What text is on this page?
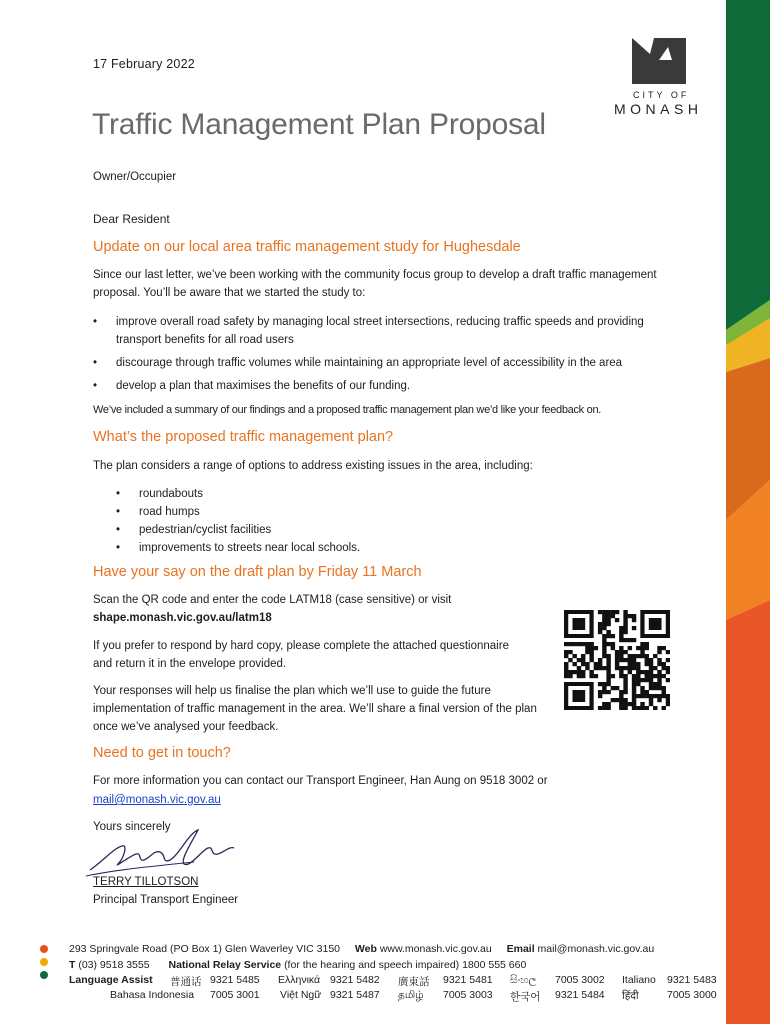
CITY OF
MONASH
17 February 2022
Traffic Management Plan Proposal
Owner/Occupier
Dear Resident
Update on our local area traffic management study for Hughesdale

Since our last letter, we’ve been working with the community focus group to develop a draft traffic management proposal. You’ll be aware that we started the study to:

• improve overall road safety by managing local street intersections, reducing traffic speeds and providing transport benefits for all road users
• discourage through traffic volumes while maintaining an appropriate level of accessibility in the area
• develop a plan that maximises the benefits of our funding.

We’ve included a summary of our findings and a proposed traffic management plan we’d like your feedback on.

What’s the proposed traffic management plan?

The plan considers a range of options to address existing issues in the area, including:

• roundabouts
• road humps
• pedestrian/cyclist facilities
• improvements to streets near local schools.
Have your say on the draft plan by Friday 11 March

Scan the QR code and enter the code LATM18 (case sensitive) or visit

shape.monash.vic.gov.au/latm18

If you prefer to respond by hard copy, please complete the attached questionnaire and return it in the envelope provided.

Your responses will help us finalise the plan which we’ll use to guide the future implementation of traffic management in the area. We’ll share a final version of the plan once we’ve analysed your feedback.

Need to get in touch?

For more information you can contact our Transport Engineer, Han Aung on 9518 3002 or

mail@monash.vic.gov.au
Yours sincerely
TERRY TILLOTSON
Principal Transport Engineer
293 Springvale Road (PO Box 1) Glen Waverley VIC 3150 Web www.monash.vic.gov.au Email mail@monash.vic.gov.au
T (03) 9518 3555 National Relay Service (for the hearing and speech impaired) 1800 555 660
Language Assist 普通话 9321 5485 Ελληνικά 9321 5482 廣東話 9321 5481 සිංහල 7005 3002 Italiano 9321 5483
Bahasa Indonesia 7005 3001 Việt Ngữ 9321 5487 தமிழ் 7005 3003 한국어 9321 5484 हिंदी	7005 3000
